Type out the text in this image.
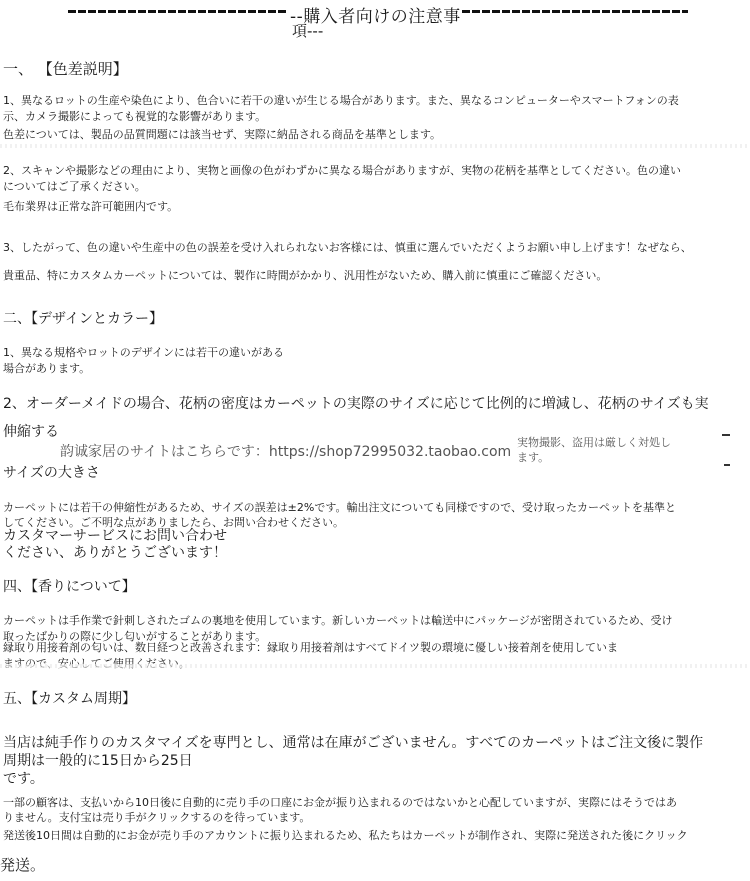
--購入者向けの注意事
項---
一、 【色差説明】
1、異なるロットの生産や染色により、色合いに若干の違いが生じる場合があります。また、異なるコンピューターやスマートフォンの表
示、カメラ撮影によっても視覚的な影響があります。
色差については、製品の品質問題には該当せず、実際に納品される商品を基準とします。
2、スキャンや撮影などの理由により、実物と画像の色がわずかに異なる場合がありますが、実物の花柄を基準としてください。色の違い
についてはご了承ください。
毛布業界は正常な許可範囲内です。
3、したがって、色の違いや生産中の色の誤差を受け入れられないお客様には、慎重に選んでいただくようお願い申し上げます！なぜなら、
貴重品、特にカスタムカーペットについては、製作に時間がかかり、汎用性がないため、購入前に慎重にご確認ください。
二、【デザインとカラー】
1、異なる規格やロットのデザインには若干の違いがある
場合があります。
2、オーダーメイドの場合、花柄の密度はカーペットの実際のサイズに応じて比例的に増減し、花柄のサイズも実
伸縮する
韵诚家居のサイトはこちらです：https://shop72995032.taobao.com
実物撮影、盗用は厳しく対処し
ます。
サイズの大きさ
カーペットには若干の伸縮性があるため、サイズの誤差は±2%です。輸出注文についても同様ですので、受け取ったカーペットを基準と
してください。ご不明な点がありましたら、お問い合わせください。
カスタマーサービスにお問い合わせ
ください、ありがとうございます！
四、【香りについて】
カーペットは手作業で針刺しされたゴムの裏地を使用しています。新しいカーペットは輸送中にパッケージが密閉されているため、受け
取ったばかりの際に少し匂いがすることがあります。
縁取り用接着剤の匂いは、数日経つと改善されます：縁取り用接着剤はすべてドイツ製の環境に優しい接着剤を使用していま
五、【カスタム周期】
当店は純手作りのカスタマイズを専門とし、通常は在庫がございません。すべてのカーペットはご注文後に製作
周期は一般的に15日から25日
です。
一部の顧客は、支払いから10日後に自動的に売り手の口座にお金が振り込まれるのではないかと心配していますが、実際にはそうではあ
りません。支付宝は売り手がクリックするのを待っています。
発送後10日間は自動的にお金が売り手のアカウントに振り込まれるため、私たちはカーペットが制作され、実際に発送された後にクリック
発送。
